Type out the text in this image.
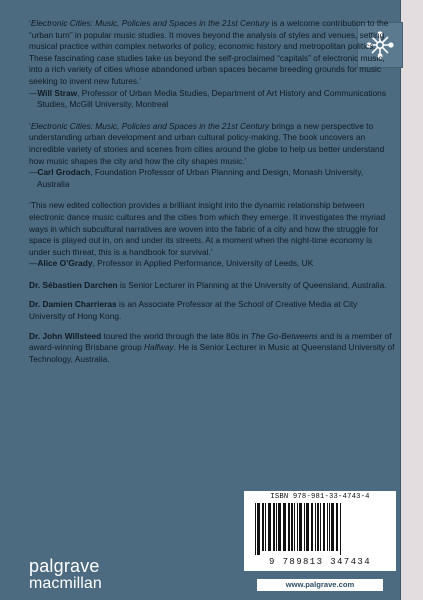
‘Electronic Cities: Music, Policies and Spaces in the 21st Century is a welcome contribution to the “urban turn” in popular music studies. It moves beyond the analysis of styles and venues, setting musical practice within complex networks of policy, economic history and metropolitan politics. These fascinating case studies take us beyond the self-proclaimed “capitals” of electronic music, into a rich variety of cities whose abandoned urban spaces became breeding grounds for music seeking to invent new futures.’

—Will Straw, Professor of Urban Media Studies, Department of Art History and Communications Studies, McGill University, Montreal

‘Electronic Cities: Music, Policies and Spaces in the 21st Century brings a new perspective to understanding urban development and urban cultural policy-making. The book uncovers an incredible variety of stories and scenes from cities around the globe to help us better understand how music shapes the city and how the city shapes music.’

—Carl Grodach, Foundation Professor of Urban Planning and Design, Monash University, Australia

‘This new edited collection provides a brilliant insight into the dynamic relationship between electronic dance music cultures and the cities from which they emerge. It investigates the myriad ways in which subcultural narratives are woven into the fabric of a city and how the struggle for space is played out in, on and under its streets. At a moment when the night-time economy is under such threat, this is a handbook for survival.’

—Alice O’Grady, Professor in Applied Performance, University of Leeds, UK

Dr. Sébastien Darchen is Senior Lecturer in Planning at the University of Queensland, Australia.

Dr. Damien Charrieras is an Associate Professor at the School of Creative Media at City University of Hong Kong.

Dr. John Willsteed toured the world through the late 80s in The Go-Betweens and is a member of award-winning Brisbane group Halfway. He is Senior Lecturer in Music at Queensland University of Technology, Australia.

ISBN 978-981-33-4743-4
9 789813 347434
www.palgrave.com
palgrave
macmillan
